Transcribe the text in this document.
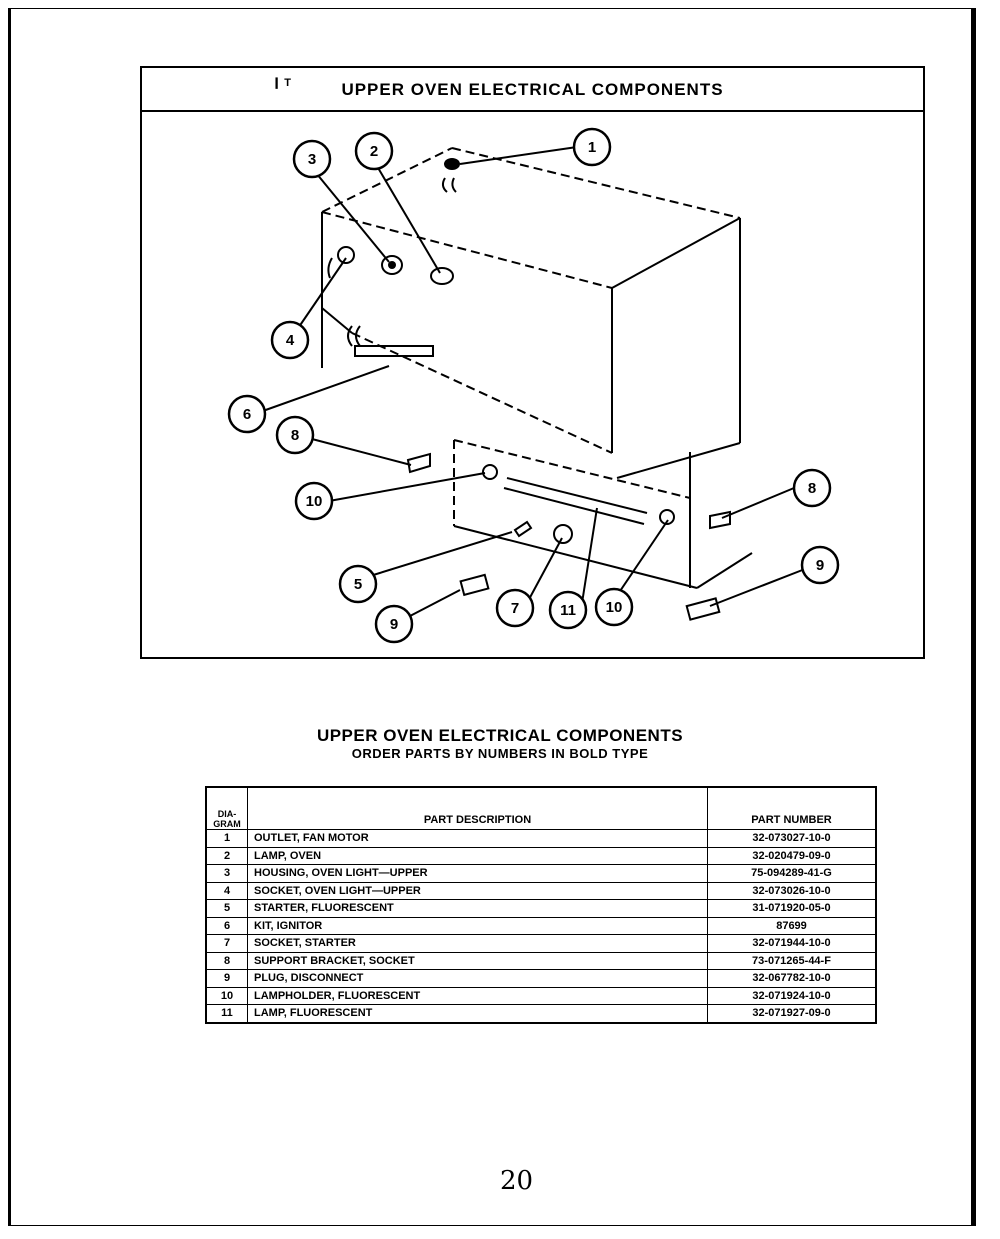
❙ T	UPPER OVEN ELECTRICAL COMPONENTS
1
2
3
4
5
6
7
8
8
9
9
10
10
11
UPPER OVEN ELECTRICAL COMPONENTS
ORDER PARTS BY NUMBERS IN BOLD TYPE
DIA-GRAM	PART DESCRIPTION	PART NUMBER
1	OUTLET, FAN MOTOR	32-073027-10-0
2	LAMP, OVEN	32-020479-09-0
3	HOUSING, OVEN LIGHT—UPPER	75-094289-41-G
4	SOCKET, OVEN LIGHT—UPPER	32-073026-10-0
5	STARTER, FLUORESCENT	31-071920-05-0
6	KIT, IGNITOR	87699
7	SOCKET, STARTER	32-071944-10-0
8	SUPPORT BRACKET, SOCKET	73-071265-44-F
9	PLUG, DISCONNECT	32-067782-10-0
10	LAMPHOLDER, FLUORESCENT	32-071924-10-0
11	LAMP, FLUORESCENT	32-071927-09-0
20
